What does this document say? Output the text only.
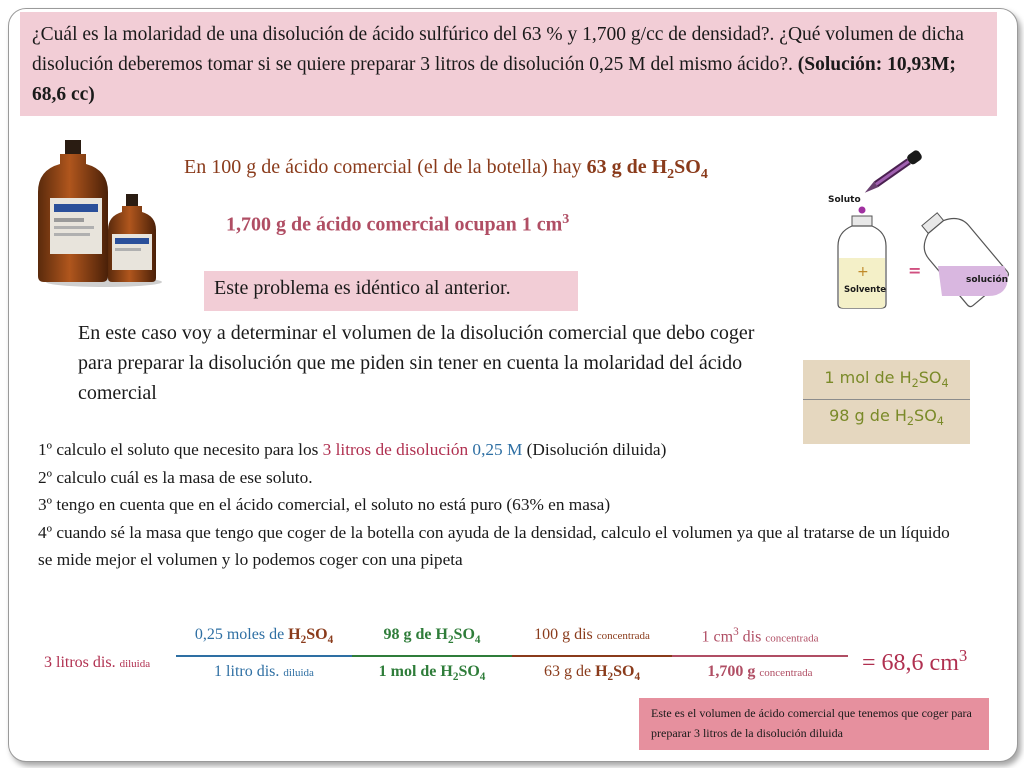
¿Cuál es la molaridad de una disolución de ácido sulfúrico del 63 % y 1,700 g/cc de densidad?. ¿Qué volumen de dicha disolución deberemos tomar si se quiere preparar 3 litros de disolución 0,25 M del mismo ácido?. (Solución: 10,93M; 68,6 cc)
En 100 g de ácido comercial (el de la botella) hay 63 g de $H_2SO_4$
1,700 g de ácido comercial ocupan 1 $cm^3$
Soluto
+
Solvente
=	solución
Este problema es idéntico al anterior.
En este caso voy a determinar el volumen de la disolución comercial que debo coger para preparar la disolución que me piden sin tener en cuenta la molaridad del ácido comercial
1 mol de $H_2SO_4$
98 g de $H_2SO_4$
1º calculo el soluto que necesito para los 3 litros de disolución 0,25 M (Disolución diluida)
2º calculo cuál es la masa de ese soluto.
3º tengo en cuenta que en el ácido comercial, el soluto no está puro (63% en masa)
4º cuando sé la masa que tengo que coger de la botella con ayuda de la densidad, calculo el volumen ya que al tratarse de un líquido se mide mejor el volumen y lo podemos coger con una pipeta
3 litros dis. diluida
0,25 moles de $H_2SO_4$
1 litro dis. diluida
98 g de $H_2SO_4$
1 mol de $H_2SO_4$
100 g dis concentrada
63 g de $H_2SO_4$
1 $cm^3$ dis concentrada
1,700 g concentrada	= 68,6 $cm^3$
Este es el volumen de ácido comercial que tenemos que coger para preparar 3 litros de la disolución diluida
